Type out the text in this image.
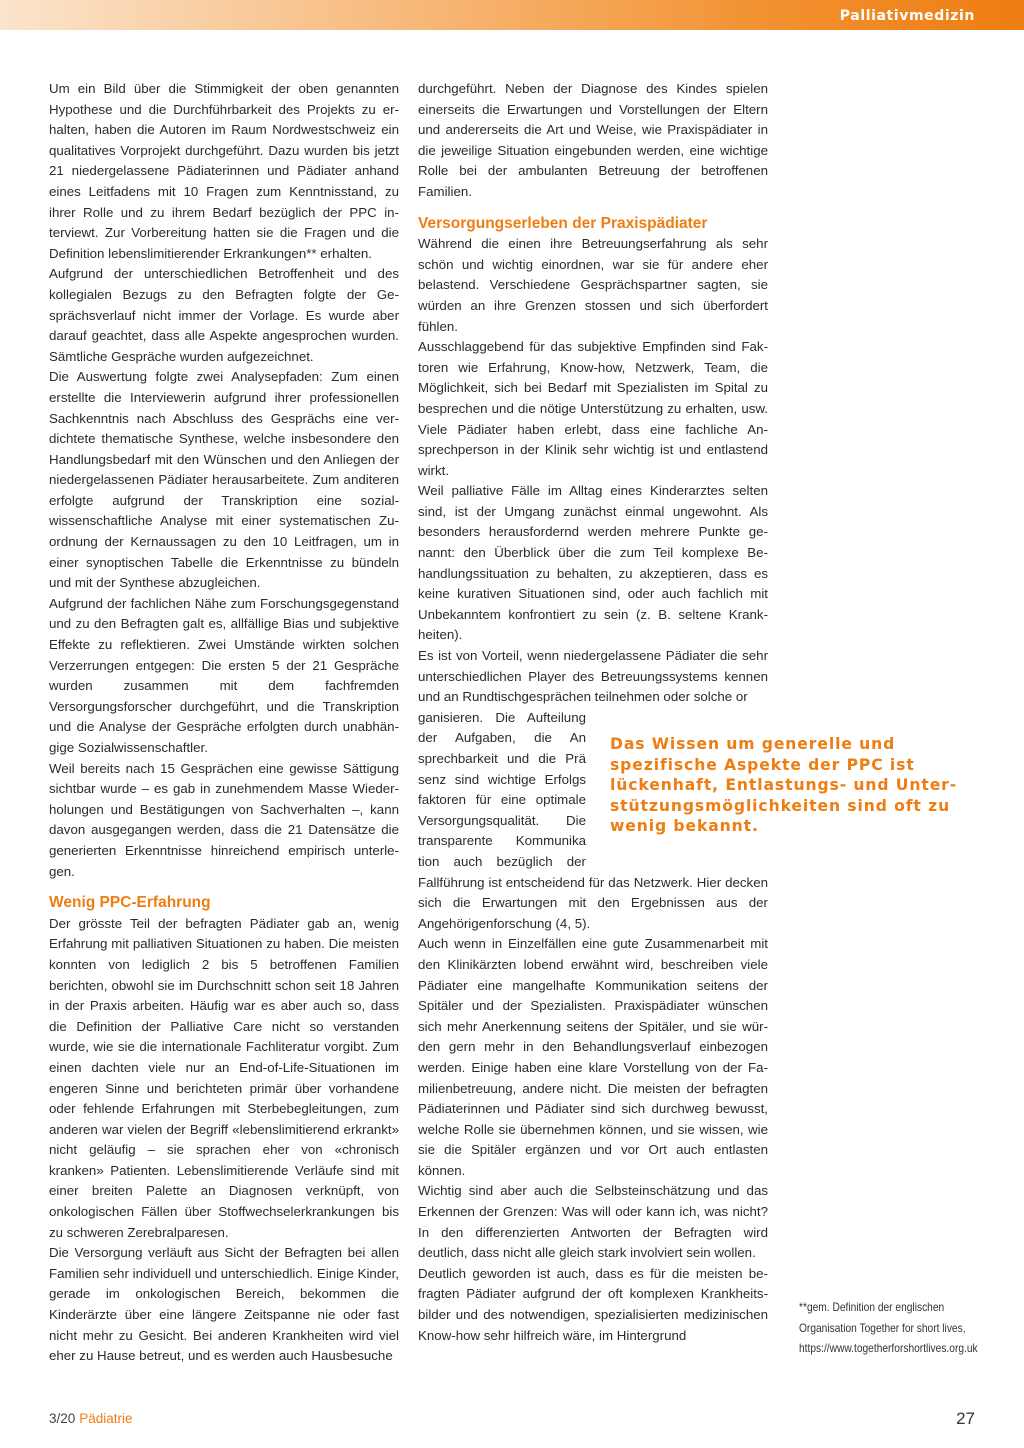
Palliativmedizin

Um ein Bild über die Stimmigkeit der oben genannten Hypothese und die Durchführbarkeit des Projekts zu erhalten, haben die Autoren im Raum Nordwestschweiz ein qualitatives Vorprojekt durchgeführt. Dazu wurden bis jetzt 21 niedergelassene Pädiaterinnen und Pädiater anhand eines Leitfadens mit 10 Fragen zum Kenntnisstand, zu ihrer Rolle und zu ihrem Bedarf bezüglich der PPC interviewt. Zur Vorbereitung hatten sie die Fragen und die Definition lebenslimitierender Erkrankungen** erhalten.

Aufgrund der unterschiedlichen Betroffenheit und des kollegialen Bezugs zu den Befragten folgte der Gesprächsverlauf nicht immer der Vorlage. Es wurde aber darauf geachtet, dass alle Aspekte angesprochen wurden. Sämtliche Gespräche wurden aufgezeichnet.

Die Auswertung folgte zwei Analysepfaden: Zum einen erstellte die Interviewerin aufgrund ihrer professionellen Sachkenntnis nach Abschluss des Gesprächs eine verdichtete thematische Synthese, welche insbesondere den Handlungsbedarf mit den Wünschen und den Anliegen der niedergelassenen Pädiater herausarbeitete. Zum anditeren erfolgte aufgrund der Transkription eine sozialwissenschaftliche Analyse mit einer systematischen Zuordnung der Kernaussagen zu den 10 Leitfragen, um in einer synoptischen Tabelle die Erkenntnisse zu bündeln und mit der Synthese abzugleichen.

Aufgrund der fachlichen Nähe zum Forschungsgegenstand und zu den Befragten galt es, allfällige Bias und subjektive Effekte zu reflektieren. Zwei Umstände wirkten solchen Verzerrungen entgegen: Die ersten 5 der 21 Gespräche wurden zusammen mit dem fachfremden Versorgungsforscher durchgeführt, und die Transkription und die Analyse der Gespräche erfolgten durch unabhängige Sozialwissenschaftler.

Weil bereits nach 15 Gesprächen eine gewisse Sättigung sichtbar wurde – es gab in zunehmendem Masse Wiederholungen und Bestätigungen von Sachverhalten –, kann davon ausgegangen werden, dass die 21 Datensätze die generierten Erkenntnisse hinreichend empirisch unterlegen.

Wenig PPC-Erfahrung

Der grösste Teil der befragten Pädiater gab an, wenig Erfahrung mit palliativen Situationen zu haben. Die meisten konnten von lediglich 2 bis 5 betroffenen Familien berichten, obwohl sie im Durchschnitt schon seit 18 Jahren in der Praxis arbeiten. Häufig war es aber auch so, dass die Definition der Palliative Care nicht so verstanden wurde, wie sie die internationale Fachliteratur vorgibt. Zum einen dachten viele nur an End-of-Life-Situationen im engeren Sinne und berichteten primär über vorhandene oder fehlende Erfahrungen mit Sterbebegleitungen, zum anderen war vielen der Begriff «lebenslimitierend erkrankt» nicht geläufig – sie sprachen eher von «chronisch kranken» Patienten. Lebenslimitierende Verläufe sind mit einer breiten Palette an Diagnosen verknüpft, von onkologischen Fällen über Stoffwechselerkrankungen bis zu schweren Zerebralparesen.

Die Versorgung verläuft aus Sicht der Befragten bei allen Familien sehr individuell und unterschiedlich. Einige Kinder, gerade im onkologischen Bereich, bekommen die Kinderärzte über eine längere Zeitspanne nie oder fast nicht mehr zu Gesicht. Bei anderen Krankheiten wird viel eher zu Hause betreut, und es werden auch Hausbesuche

durchgeführt. Neben der Diagnose des Kindes spielen einerseits die Erwartungen und Vorstellungen der Eltern und andererseits die Art und Weise, wie Praxispädiater in die jeweilige Situation eingebunden werden, eine wichtige Rolle bei der ambulanten Betreuung der betroffenen Familien.

Versorgungserleben der Praxispädiater

Während die einen ihre Betreuungserfahrung als sehr schön und wichtig einordnen, war sie für andere eher belastend. Verschiedene Gesprächspartner sagten, sie würden an ihre Grenzen stossen und sich überfordert fühlen.

Ausschlaggebend für das subjektive Empfinden sind Faktoren wie Erfahrung, Know-how, Netzwerk, Team, die Möglichkeit, sich bei Bedarf mit Spezialisten im Spital zu besprechen und die nötige Unterstützung zu erhalten, usw. Viele Pädiater haben erlebt, dass eine fachliche Ansprechperson in der Klinik sehr wichtig ist und entlastend wirkt.

Weil palliative Fälle im Alltag eines Kinderarztes selten sind, ist der Umgang zunächst einmal ungewohnt. Als besonders herausfordernd werden mehrere Punkte genannt: den Überblick über die zum Teil komplexe Behandlungssituation zu behalten, zu akzeptieren, dass es keine kurativen Situationen sind, oder auch fachlich mit Unbekanntem konfrontiert zu sein (z. B. seltene Krankheiten).

Es ist von Vorteil, wenn niedergelassene Pädiater die sehr unterschiedlichen Player des Betreuungssystems kennen und an Rundtischgesprächen teilnehmen oder solche or

ganisieren. Die Aufteilung

der Aufgaben, die An

sprechbarkeit und die Prä

senz sind wichtige Erfolgs

faktoren für eine optimale

Versorgungsqualität. Die

transparente Kommunika

tion auch bezüglich der

Fallführung ist entscheidend für das Netzwerk. Hier decken sich die Erwartungen mit den Ergebnissen aus der Angehörigenforschung (4, 5).

Auch wenn in Einzelfällen eine gute Zusammenarbeit mit den Klinikärzten lobend erwähnt wird, beschreiben viele Pädiater eine mangelhafte Kommunikation seitens der Spitäler und der Spezialisten. Praxispädiater wünschen sich mehr Anerkennung seitens der Spitäler, und sie würden gern mehr in den Behandlungsverlauf einbezogen werden. Einige haben eine klare Vorstellung von der Familienbetreuung, andere nicht. Die meisten der befragten Pädiaterinnen und Pädiater sind sich durchweg bewusst, welche Rolle sie übernehmen können, und sie wissen, wie sie die Spitäler ergänzen und vor Ort auch entlasten können.

Wichtig sind aber auch die Selbsteinschätzung und das Erkennen der Grenzen: Was will oder kann ich, was nicht? In den differenzierten Antworten der Befragten wird deutlich, dass nicht alle gleich stark involviert sein wollen.

Deutlich geworden ist auch, dass es für die meisten befragten Pädiater aufgrund der oft komplexen Krankheitsbilder und des notwendigen, spezialisierten medizinischen Know-how sehr hilfreich wäre, im Hintergrund

Das Wissen um generelle und spezifische Aspekte der PPC ist lückenhaft, Entlastungs- und Unterstützungsmöglichkeiten sind oft zu wenig bekannt.
**gem. Definition der englischen Organisation Together for short lives, https://www.togetherforshortlives.org.uk
3/20 Pädiatrie	27
